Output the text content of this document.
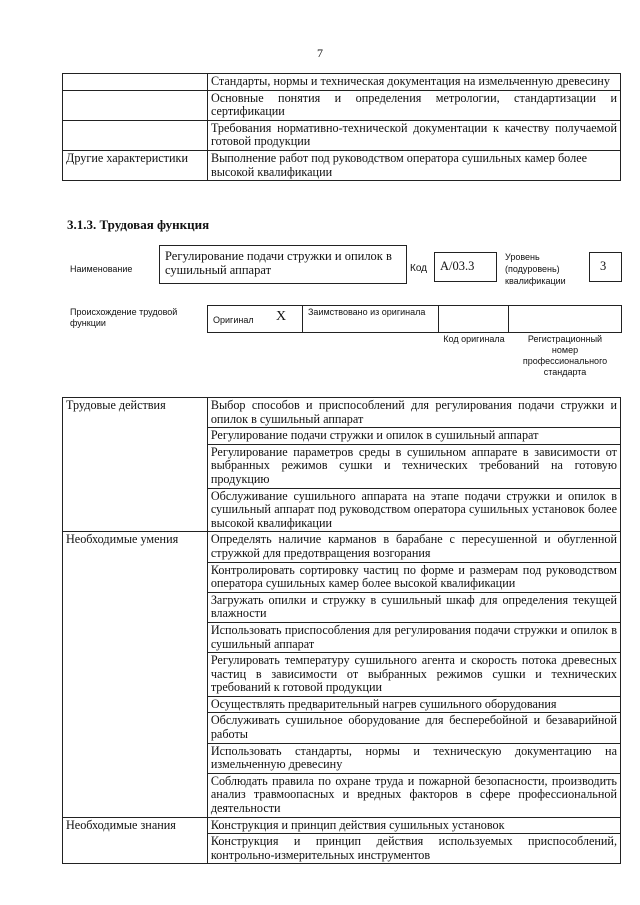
7
	Стандарты, нормы и техническая документация на измельченную древесину
	Основные понятия и определения метрологии, стандартизации и сертификации
	Требования нормативно-технической документации к качеству получаемой готовой продукции
Другие характеристики	Выполнение работ под руководством оператора сушильных камер более высокой квалификации
3.1.3. Трудовая функция
Наименование
Регулирование подачи стружки и опилок в сушильный аппарат	Код А/03.3
Уровень (подуровень) квалификации
3
Происхождение трудовой функции	Оригинал X Заимствовано из оригинала
Код оригинала	Регистрационный номер профессионального стандарта
Трудовые действия	Выбор способов и приспособлений для регулирования подачи стружки и опилок в сушильный аппарат
	Регулирование подачи стружки и опилок в сушильный аппарат
	Регулирование параметров среды в сушильном аппарате в зависимости от выбранных режимов сушки и технических требований на готовую продукцию
	Обслуживание сушильного аппарата на этапе подачи стружки и опилок в сушильный аппарат под руководством оператора сушильных установок более высокой квалификации
Необходимые умения	Определять наличие карманов в барабане с пересушенной и обугленной стружкой для предотвращения возгорания
	Контролировать сортировку частиц по форме и размерам под руководством оператора сушильных камер более высокой квалификации
	Загружать опилки и стружку в сушильный шкаф для определения текущей влажности
	Использовать приспособления для регулирования подачи стружки и опилок в сушильный аппарат
	Регулировать температуру сушильного агента и скорость потока древесных частиц в зависимости от выбранных режимов сушки и технических требований к готовой продукции
	Осуществлять предварительный нагрев сушильного оборудования
	Обслуживать сушильное оборудование для бесперебойной и безаварийной работы
	Использовать стандарты, нормы и техническую документацию на измельченную древесину
	Соблюдать правила по охране труда и пожарной безопасности, производить анализ травмоопасных и вредных факторов в сфере профессиональной деятельности
Необходимые знания	Конструкция и принцип действия сушильных установок
	Конструкция и принцип действия используемых приспособлений, контрольно-измерительных инструментов
